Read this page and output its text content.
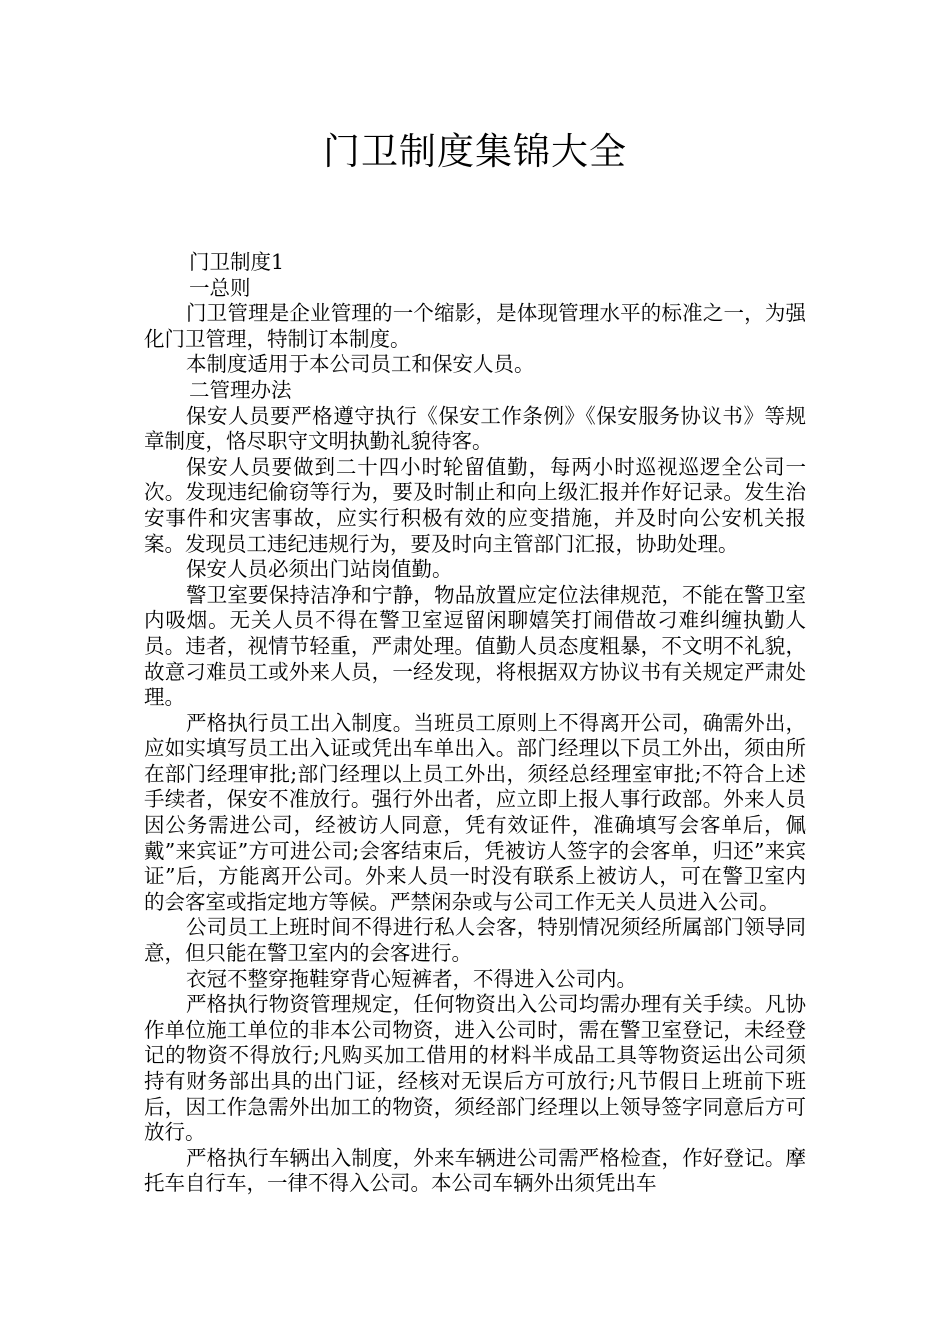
门卫制度集锦大全

门卫制度1

一总则

门卫管理是企业管理的一个缩影，是体现管理水平的标准之一，为强化门卫管理，特制订本制度。

本制度适用于本公司员工和保安人员。

二管理办法

保安人员要严格遵守执行《保安工作条例》《保安服务协议书》等规章制度，恪尽职守文明执勤礼貌待客。

保安人员要做到二十四小时轮留值勤，每两小时巡视巡逻全公司一次。发现违纪偷窃等行为，要及时制止和向上级汇报并作好记录。发生治安事件和灾害事故，应实行积极有效的应变措施，并及时向公安机关报案。发现员工违纪违规行为，要及时向主管部门汇报，协助处理。

保安人员必须出门站岗值勤。

警卫室要保持洁净和宁静，物品放置应定位法律规范，不能在警卫室内吸烟。无关人员不得在警卫室逗留闲聊嬉笑打闹借故刁难纠缠执勤人员。违者，视情节轻重，严肃处理。值勤人员态度粗暴，不文明不礼貌，故意刁难员工或外来人员，一经发现，将根据双方协议书有关规定严肃处理。

严格执行员工出入制度。当班员工原则上不得离开公司，确需外出，应如实填写员工出入证或凭出车单出入。部门经理以下员工外出，须由所在部门经理审批;部门经理以上员工外出，须经总经理室审批;不符合上述手续者，保安不准放行。强行外出者，应立即上报人事行政部。外来人员因公务需进公司，经被访人同意，凭有效证件，准确填写会客单后，佩戴”来宾证”方可进公司;会客结束后，凭被访人签字的会客单，归还”来宾证”后，方能离开公司。外来人员一时没有联系上被访人，可在警卫室内的会客室或指定地方等候。严禁闲杂或与公司工作无关人员进入公司。

公司员工上班时间不得进行私人会客，特别情况须经所属部门领导同意，但只能在警卫室内的会客进行。

衣冠不整穿拖鞋穿背心短裤者，不得进入公司内。

严格执行物资管理规定，任何物资出入公司均需办理有关手续。凡协作单位施工单位的非本公司物资，进入公司时，需在警卫室登记，未经登记的物资不得放行;凡购买加工借用的材料半成品工具等物资运出公司须持有财务部出具的出门证，经核对无误后方可放行;凡节假日上班前下班后，因工作急需外出加工的物资，须经部门经理以上领导签字同意后方可放行。

严格执行车辆出入制度，外来车辆进公司需严格检查，作好登记。摩托车自行车，一律不得入公司。本公司车辆外出须凭出车
